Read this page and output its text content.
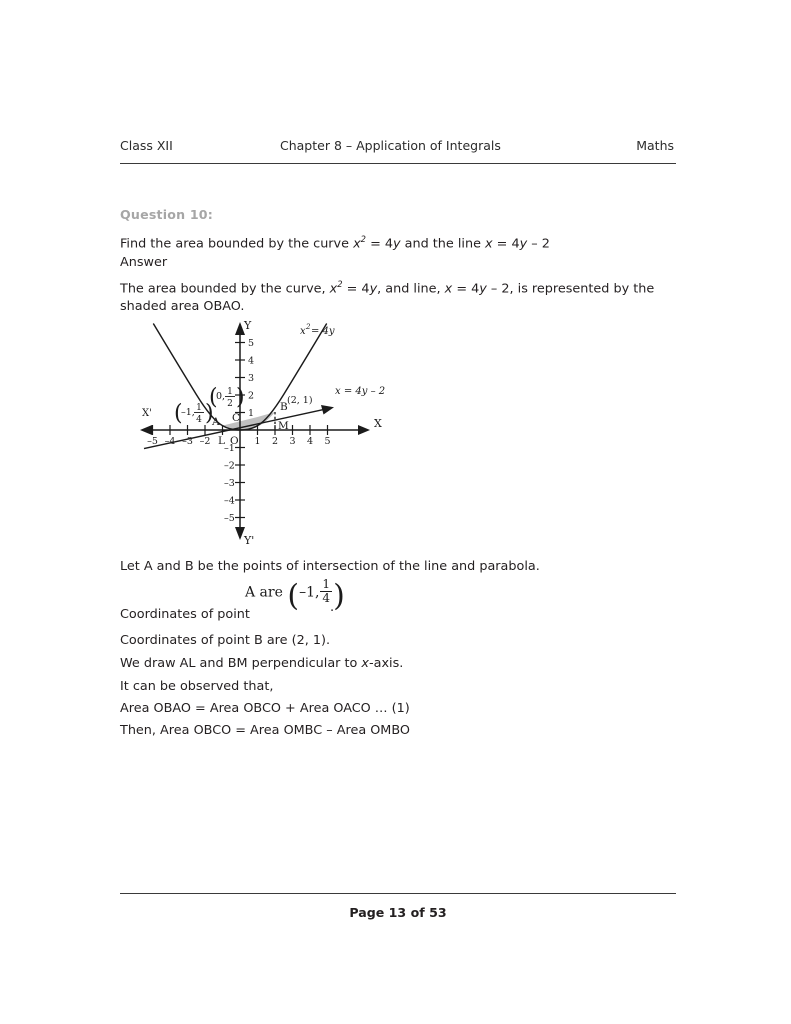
Class XII	Chapter 8 – Application of Integrals	Maths
Question 10:
Find the area bounded by the curve $x^2 = 4y$ and the line x = 4y – 2
Answer
The area bounded by the curve, $x^2 = 4y$, and line, x = 4y – 2, is represented by the
shaded area OBAO.
X
X'
Y
Y'
–5 –4 –3 –2	1 2 3 4 5
5
4
3
2
1
–1
–2
–3
–4
–5
O
A
B
C
L
M
x 2 = 4y
x = 4y – 2
(2, 1)
(
–1, 1
4 )
(
0, 1
2 )
Let A and B be the points of intersection of the line and parabola.
Coordinates of point
A are (–1, $\frac{1}{4}$ )
.
Coordinates of point B are (2, 1).
We draw AL and BM perpendicular to x-axis.
It can be observed that,
Area OBAO = Area OBCO + Area OACO … (1)
Then, Area OBCO = Area OMBC – Area OMBO
Page 13 of 53
